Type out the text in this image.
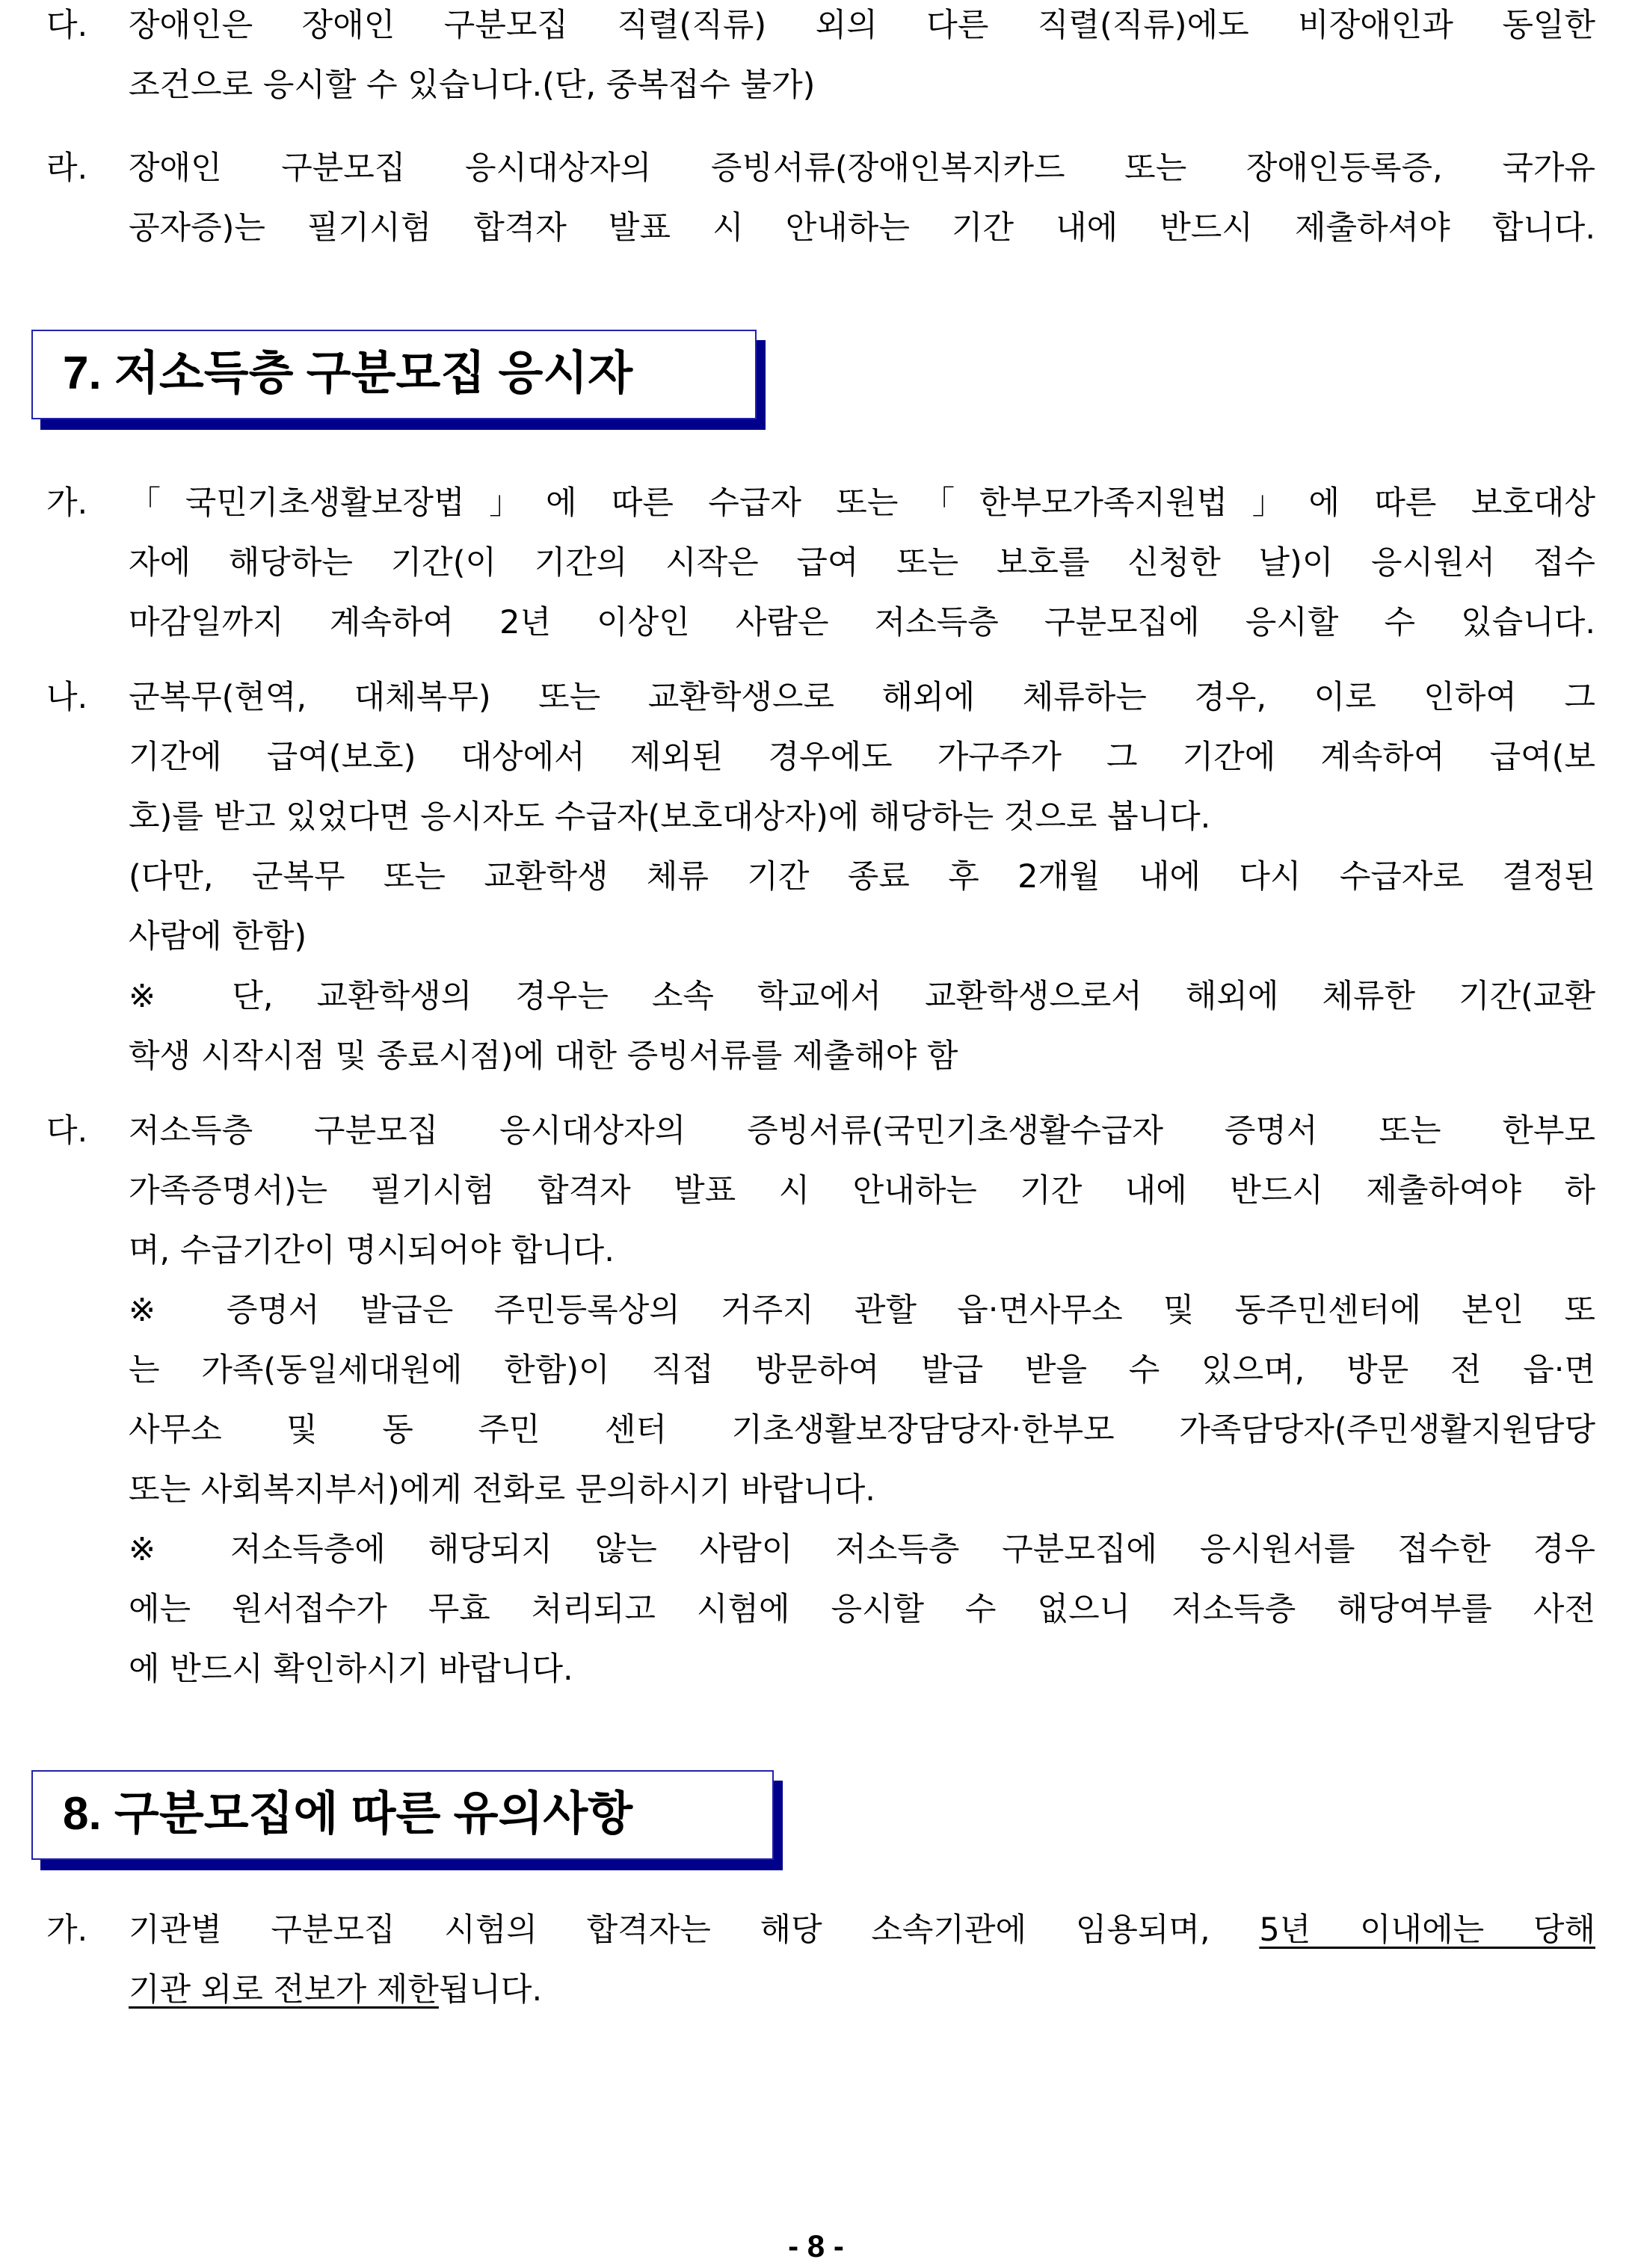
다.	장애인은 장애인 구분모집 직렬(직류) 외의 다른 직렬(직류)에도 비장애인과 동일한
조건으로 응시할 수 있습니다.(단, 중복접수 불가)
라.	장애인 구분모집 응시대상자의 증빙서류(장애인복지카드 또는 장애인등록증, 국가유
공자증)는 필기시험 합격자 발표 시 안내하는 기간 내에 반드시 제출하셔야 합니다.
7. 저소득층 구분모집 응시자
가.	「국민기초생활보장법」에 따른 수급자 또는「한부모가족지원법」에 따른 보호대상
자에 해당하는 기간(이 기간의 시작은 급여 또는 보호를 신청한 날)이 응시원서 접수
마감일까지 계속하여 2년 이상인 사람은 저소득층 구분모집에 응시할 수 있습니다.
나.	군복무(현역, 대체복무) 또는 교환학생으로 해외에 체류하는 경우, 이로 인하여 그
기간에 급여(보호) 대상에서 제외된 경우에도 가구주가 그 기간에 계속하여 급여(보
호)를 받고 있었다면 응시자도 수급자(보호대상자)에 해당하는 것으로 봅니다.
(다만, 군복무 또는 교환학생 체류 기간 종료 후 2개월 내에 다시 수급자로 결정된
사람에 한함)
※ 단, 교환학생의 경우는 소속 학교에서 교환학생으로서 해외에 체류한 기간(교환
학생 시작시점 및 종료시점)에 대한 증빙서류를 제출해야 함
다.	저소득층 구분모집 응시대상자의 증빙서류(국민기초생활수급자 증명서 또는 한부모
가족증명서)는 필기시험 합격자 발표 시 안내하는 기간 내에 반드시 제출하여야 하
며, 수급기간이 명시되어야 합니다.
※ 증명서 발급은 주민등록상의 거주지 관할 읍‧면사무소 및 동주민센터에 본인 또
는 가족(동일세대원에 한함)이 직접 방문하여 발급 받을 수 있으며, 방문 전 읍‧면
사무소 및 동 주민 센터 기초생활보장담당자‧한부모 가족담당자(주민생활지원담당
또는 사회복지부서)에게 전화로 문의하시기 바랍니다.
※ 저소득층에 해당되지 않는 사람이 저소득층 구분모집에 응시원서를 접수한 경우
에는 원서접수가 무효 처리되고 시험에 응시할 수 없으니 저소득층 해당여부를 사전
에 반드시 확인하시기 바랍니다.
8. 구분모집에 따른 유의사항
가.	기관별 구분모집 시험의 합격자는 해당 소속기관에 임용되며, 5년 이내에는 당해
기관 외로 전보가 제한됩니다.
- 8 -
